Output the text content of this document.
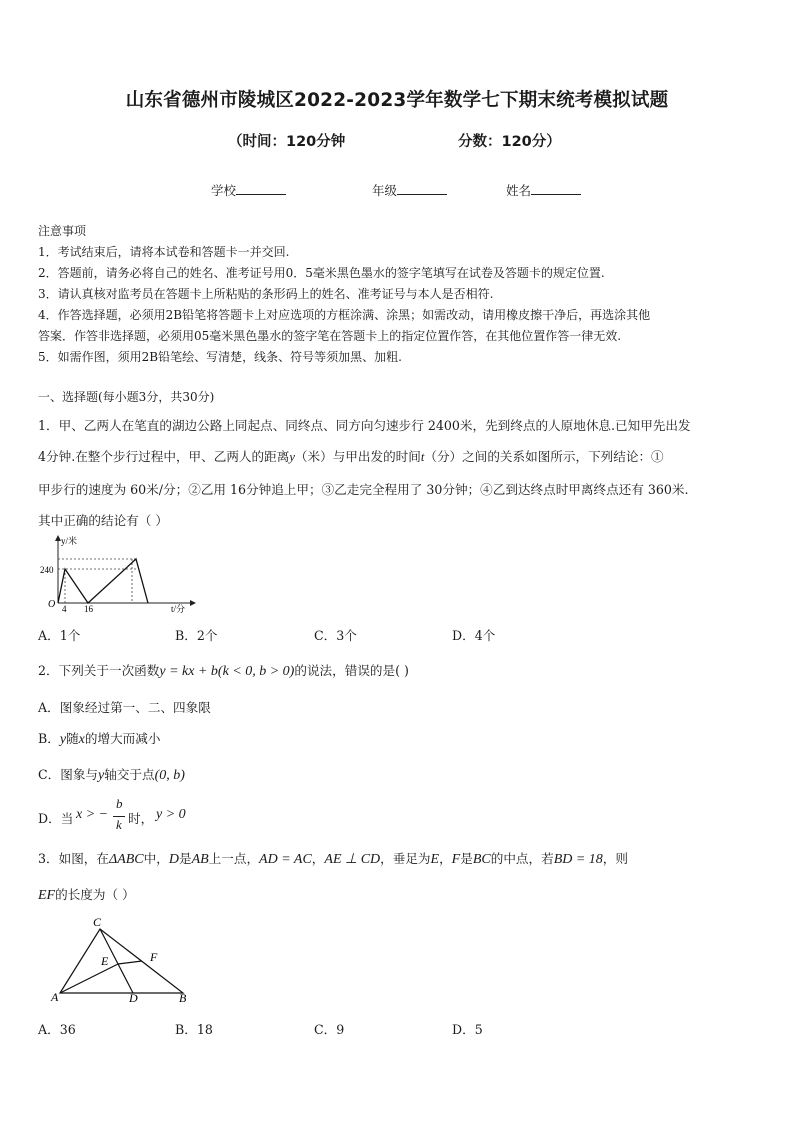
山东省德州市陵城区2022-2023学年数学七下期末统考模拟试题
（时间：120分钟	分数：120分）
学校	年级	姓名
注意事项
1．考试结束后，请将本试卷和答题卡一并交回.
2．答题前，请务必将自己的姓名、准考证号用0．5毫米黑色墨水的签字笔填写在试卷及答题卡的规定位置.
3．请认真核对监考员在答题卡上所粘贴的条形码上的姓名、准考证号与本人是否相符.
4．作答选择题，必须用2B铅笔将答题卡上对应选项的方框涂满、涂黑；如需改动，请用橡皮擦干净后，再选涂其他
答案．作答非选择题，必须用05毫米黑色墨水的签字笔在答题卡上的指定位置作答，在其他位置作答一律无效.
5．如需作图，须用2B铅笔绘、写清楚，线条、符号等须加黑、加粗.
一、选择题(每小题3分，共30分)
1．甲、乙两人在笔直的湖边公路上同起点、同终点、同方向匀速步行 2400米，先到终点的人原地休息.已知甲先出发
4分钟.在整个步行过程中，甲、乙两人的距离y（米）与甲出发的时间t（分）之间的关系如图所示，下列结论：①
甲步行的速度为 60米/分；②乙用 16分钟追上甲；③乙走完全程用了 30分钟；④乙到达终点时甲离终点还有 360米.
其中正确的结论有（ ）
y/米
t/分
O
240
4 16
A．1个	B．2个	C．3个	D．4个
2．下列关于一次函数y = kx + b(k < 0, b > 0)的说法，错误的是( )
A．图象经过第一、二、四象限
B．y随x的增大而减小
C．图象与y轴交于点(0, b)
D．当 x > −
b
k 时， y > 0
3．如图，在ΔABC中，D是AB上一点，AD = AC，AE ⊥ CD，垂足为E，F是BC的中点，若BD = 18，则
EF的长度为（ ）
C
A	D	B
E	F
A．36	B．18	C．9	D．5
